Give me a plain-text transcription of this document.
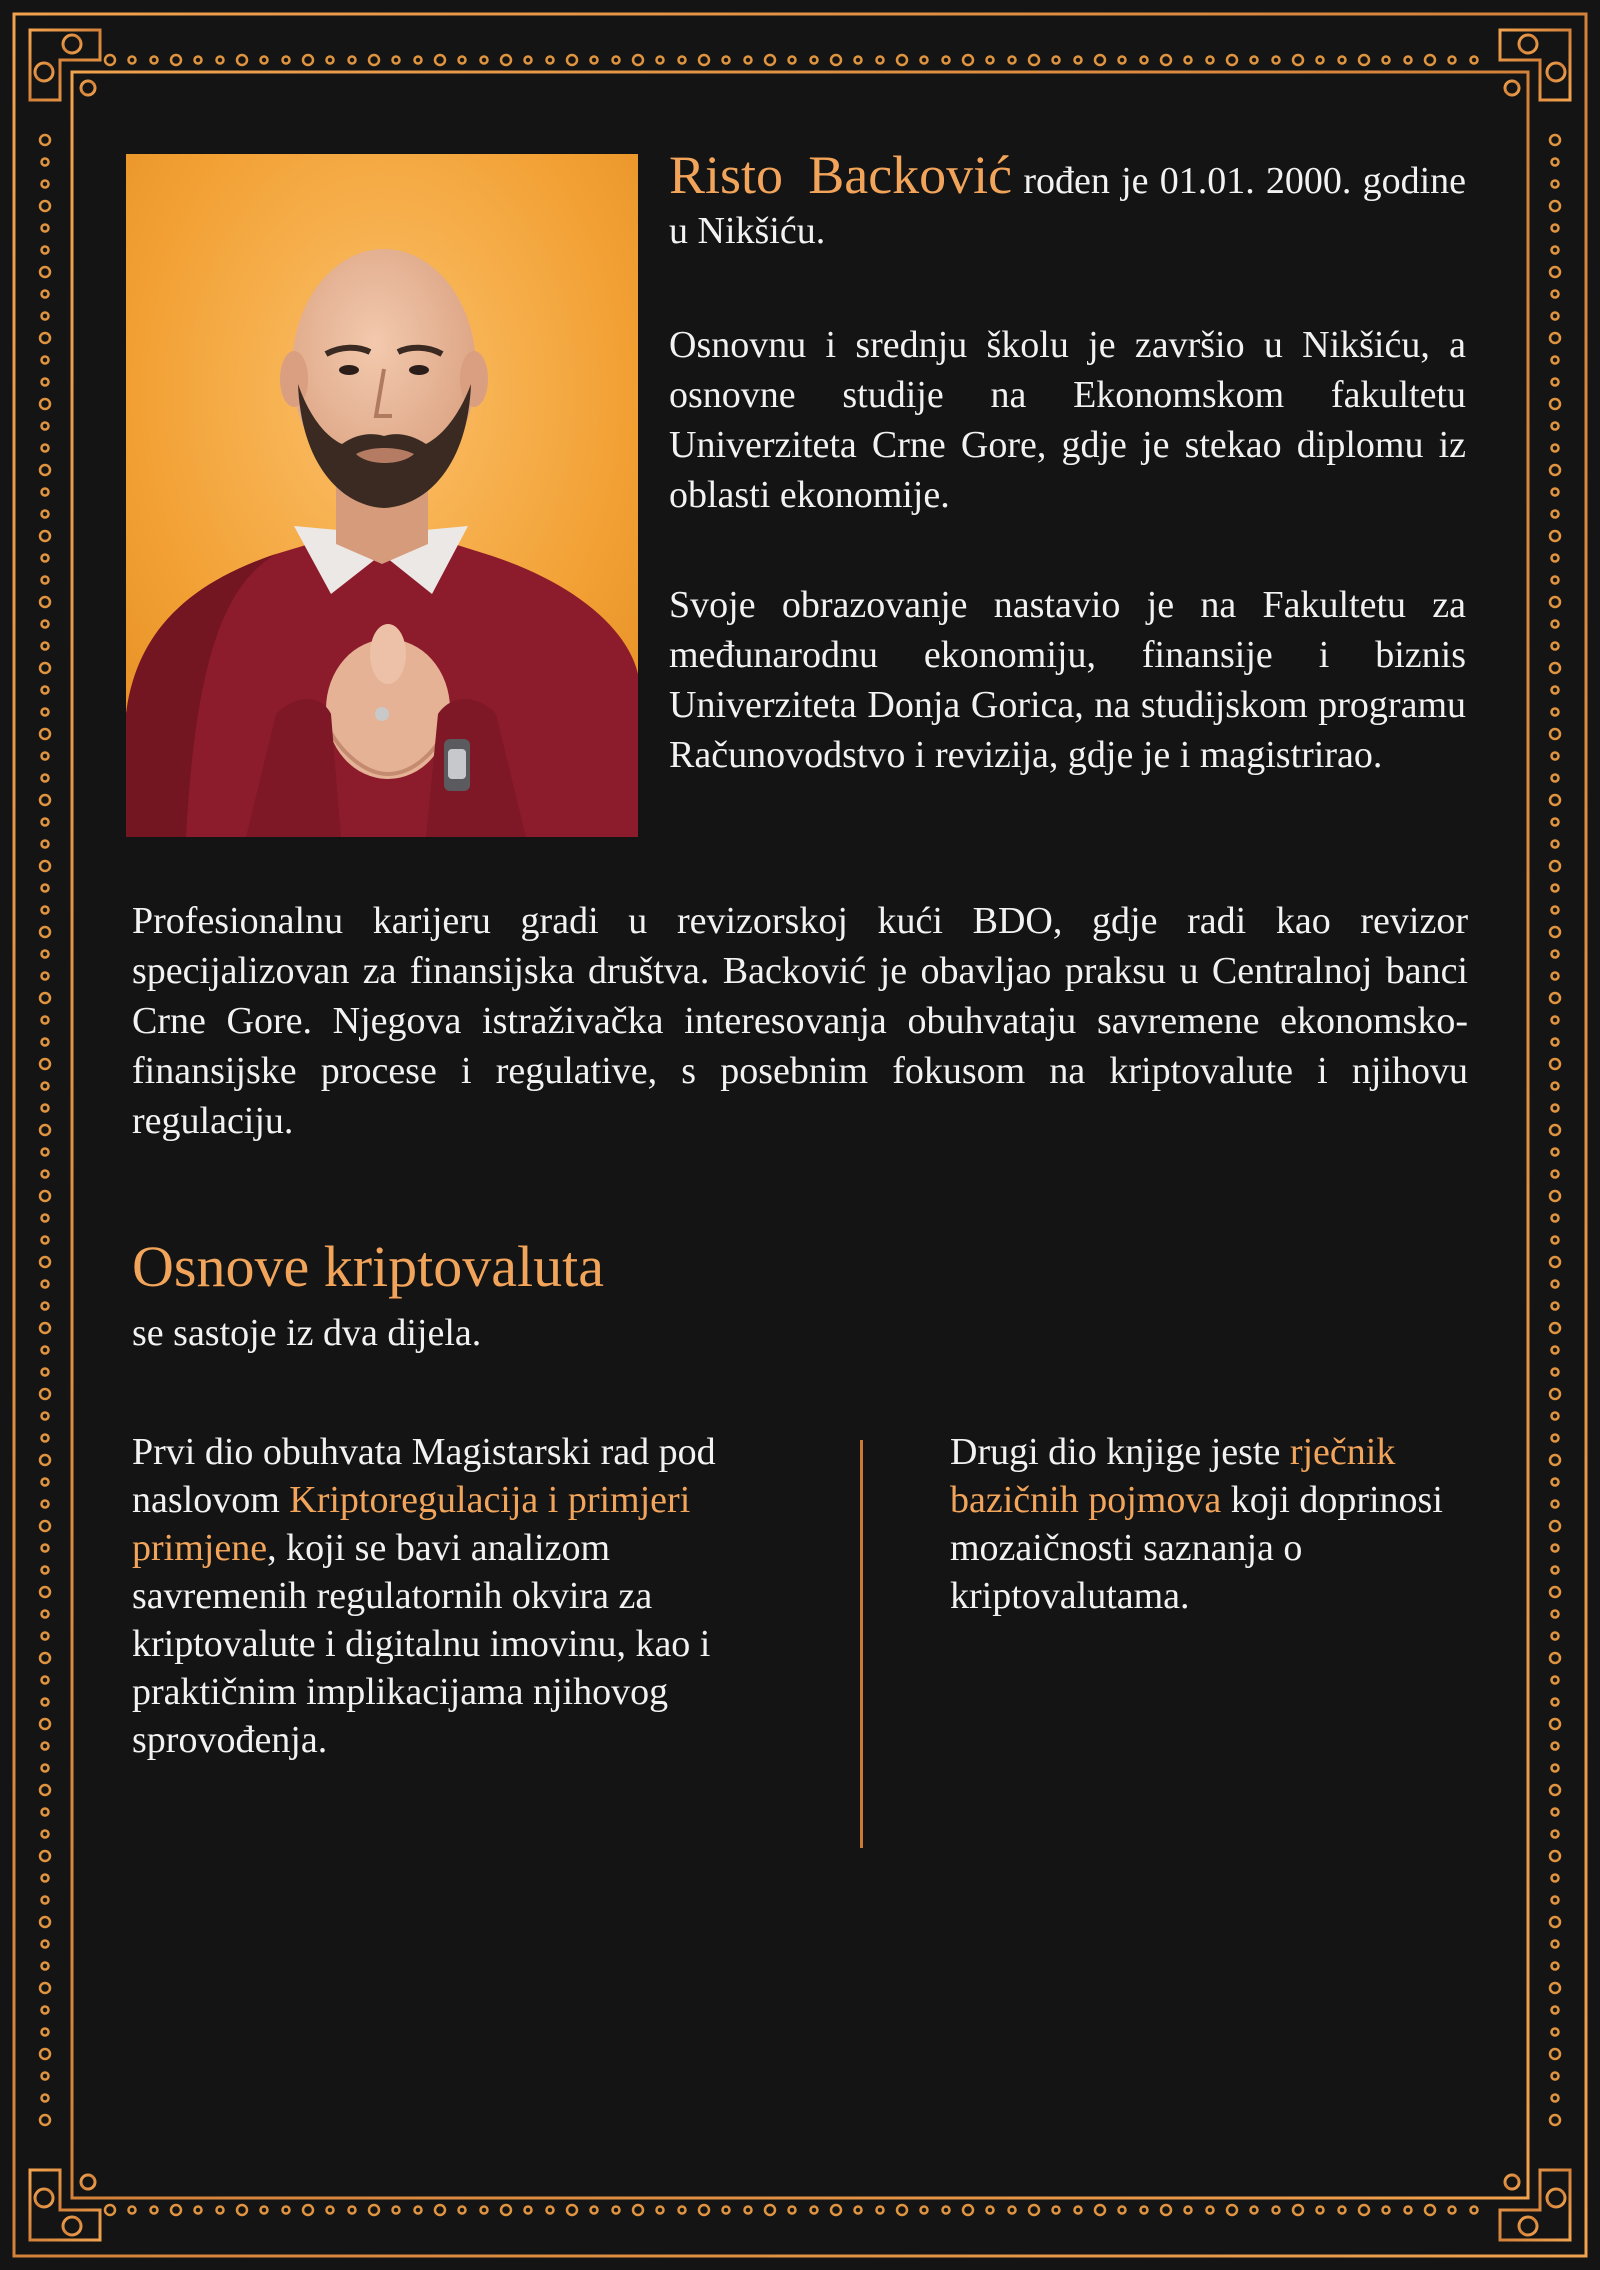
Risto Backović rođen je 01.01. 2000. godine u Nikšiću.

Osnovnu i srednju školu je završio u Nikšiću, a osnovne studije na Ekonomskom fakultetu Univerziteta Crne Gore, gdje je stekao diplomu iz oblasti ekonomije.

Svoje obrazovanje nastavio je na Fakultetu za međunarodnu ekonomiju, finansije i biznis Univerziteta Donja Gorica, na studijskom programu Računovodstvo i revizija, gdje je i magistrirao.

Profesionalnu karijeru gradi u revizorskoj kući BDO, gdje radi kao revizor specijalizovan za finansijska društva. Backović je obavljao praksu u Centralnoj banci Crne Gore. Njegova istraživačka interesovanja obuhvataju savremene ekonomsko-finansijske procese i regulative, s posebnim fokusom na kriptovalute i njihovu regulaciju.

Osnove kriptovaluta

se sastoje iz dva dijela.

Prvi dio obuhvata Magistarski rad pod naslovom Kriptoregulacija i primjeri primjene, koji se bavi analizom savremenih regulatornih okvira za kriptovalute i digitalnu imovinu, kao i praktičnim implikacijama njihovog sprovođenja.

Drugi dio knjige jeste rječnik bazičnih pojmova koji doprinosi mozaičnosti saznanja o kriptovalutama.
